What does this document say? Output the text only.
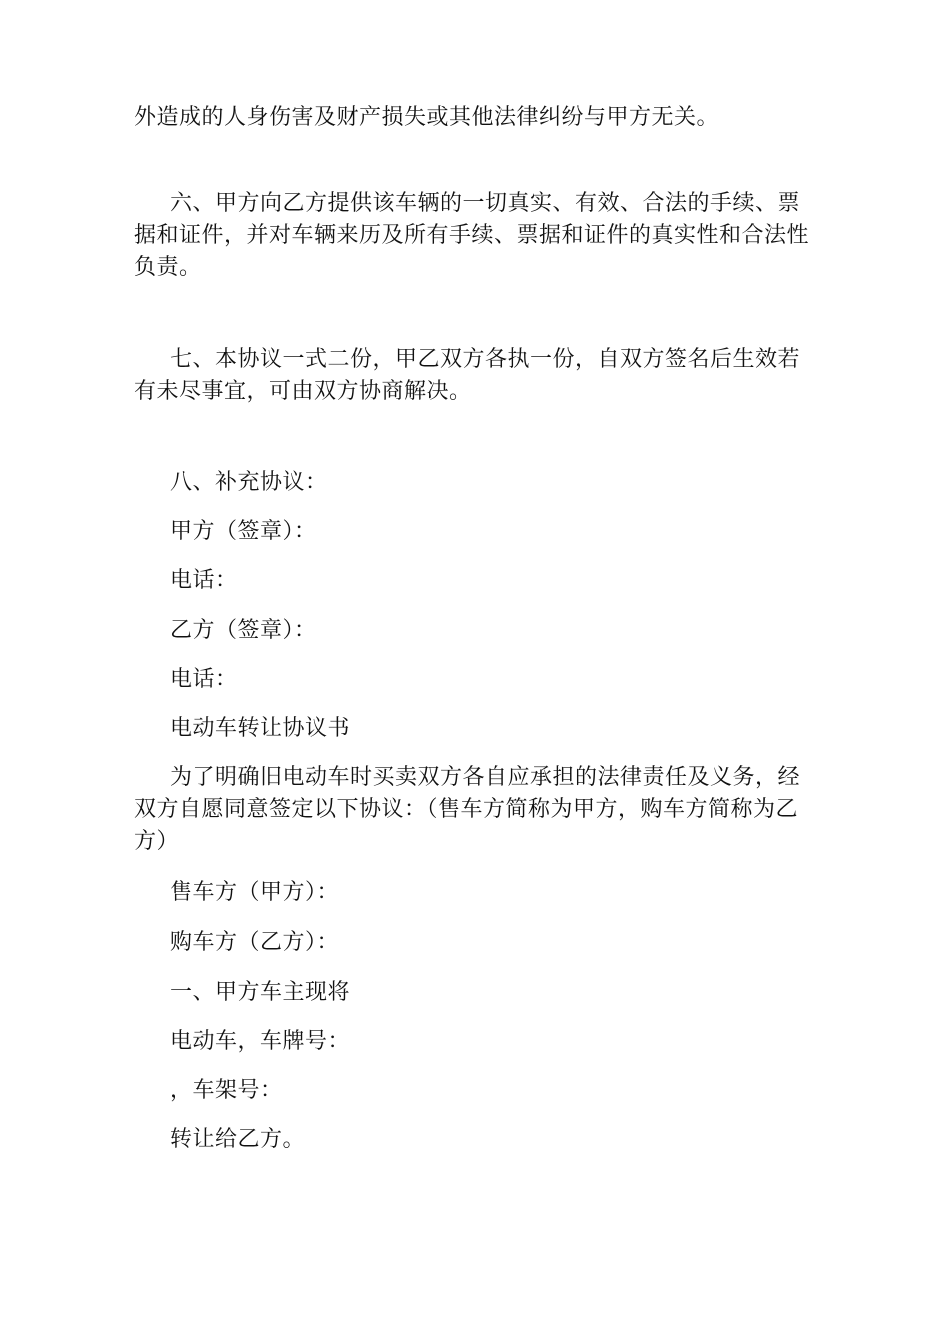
外造成的人身伤害及财产损失或其他法律纠纷与甲方无关。

六、甲方向乙方提供该车辆的一切真实、有效、合法的手续、票据和证件，并对车辆来历及所有手续、票据和证件的真实性和合法性负责。

七、本协议一式二份，甲乙双方各执一份，自双方签名后生效若有未尽事宜，可由双方协商解决。

八、补充协议：

甲方（签章）：

电话：

乙方（签章）：

电话：

电动车转让协议书

为了明确旧电动车时买卖双方各自应承担的法律责任及义务，经双方自愿同意签定以下协议：（售车方简称为甲方，购车方简称为乙方）

售车方（甲方）：

购车方（乙方）：

一、甲方车主现将

电动车，车牌号：

，车架号：

转让给乙方。
